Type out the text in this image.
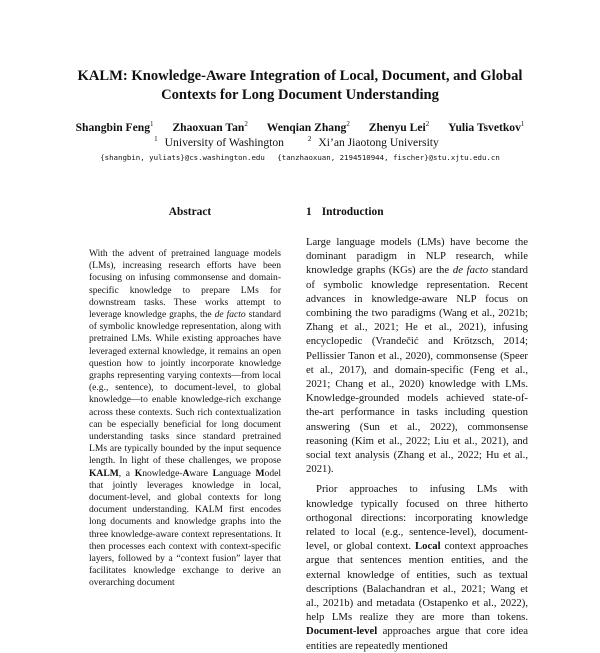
KALM: Knowledge-Aware Integration of Local, Document, and Global
Contexts for Long Document Understanding
Shangbin Feng$^1$ Zhaoxuan Tan$^2$ Wenqian Zhang$^2$ Zhenyu Lei$^2$ Yulia Tsvetkov$^1$
$^1$ University of Washington	$^2$ Xi’an Jiaotong University
{shangbin, yuliats}@cs.washington.edu {tanzhaoxuan, 2194510944, fischer}@stu.xjtu.edu.cn
Abstract	1 Introduction
With the advent of pretrained language models (LMs), increasing research efforts have been focusing on infusing commonsense and domain-specific knowledge to prepare LMs for downstream tasks. These works attempt to leverage knowledge graphs, the de facto standard of symbolic knowledge representation, along with pretrained LMs. While existing approaches have leveraged external knowledge, it remains an open question how to jointly incorporate knowledge graphs representing varying contexts—from local (e.g., sentence), to document-level, to global knowledge—to enable knowledge-rich exchange across these contexts. Such rich contextualization can be especially beneficial for long document understanding tasks since standard pretrained LMs are typically bounded by the input sequence length. In light of these challenges, we propose KALM, a Knowledge-Aware Language Model that jointly leverages knowledge in local, document-level, and global contexts for long document understanding. KALM first encodes long documents and knowledge graphs into the three knowledge-aware context representations. It then processes each context with context-specific layers, followed by a “context fusion” layer that facilitates knowledge exchange to derive an overarching document

Large language models (LMs) have become the dominant paradigm in NLP research, while knowledge graphs (KGs) are the de facto standard of symbolic knowledge representation. Recent advances in knowledge-aware NLP focus on combining the two paradigms (Wang et al., 2021b; Zhang et al., 2021; He et al., 2021), infusing encyclopedic (Vrandečić and Krötzsch, 2014; Pellissier Tanon et al., 2020), commonsense (Speer et al., 2017), and domain-specific (Feng et al., 2021; Chang et al., 2020) knowledge with LMs. Knowledge-grounded models achieved state-of-the-art performance in tasks including question answering (Sun et al., 2022), commonsense reasoning (Kim et al., 2022; Liu et al., 2021), and social text analysis (Zhang et al., 2022; Hu et al., 2021).

Prior approaches to infusing LMs with knowledge typically focused on three hitherto orthogonal directions: incorporating knowledge related to local (e.g., sentence-level), document-level, or global context. Local context approaches argue that sentences mention entities, and the external knowledge of entities, such as textual descriptions (Balachandran et al., 2021; Wang et al., 2021b) and metadata (Ostapenko et al., 2022), help LMs realize they are more than tokens. Document-level approaches argue that core idea entities are repeatedly mentioned
